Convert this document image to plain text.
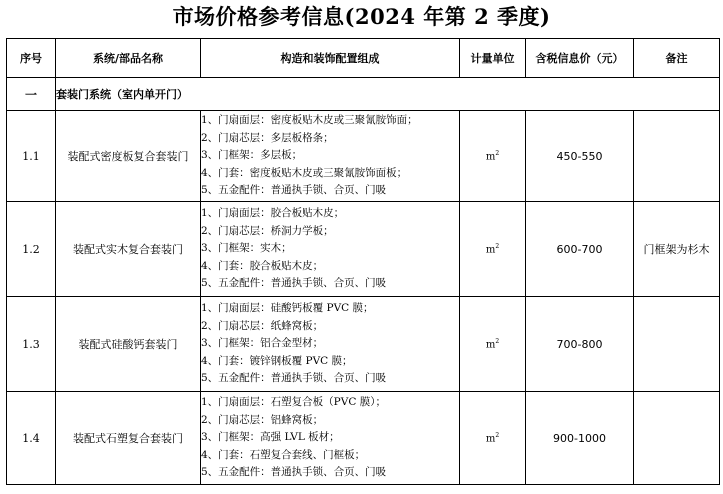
市场价格参考信息(2024 年第 2 季度)
序号	系统/部品名称	构造和装饰配置组成	计量单位	含税信息价（元）	备注
一	套装门系统（室内单开门）				
1.1	装配式密度板复合套装门	1、门扇面层：密度板贴木皮或三聚氰胺饰面；
2、门扇芯层：多层板格条；
3、门框架：多层板；
4、门套：密度板贴木皮或三聚氰胺饰面板；
5、五金配件：普通执手锁、合页、门吸	$m^2$	450-550	
1.2	装配式实木复合套装门	1、门扇面层：胶合板贴木皮；
2、门扇芯层：桥洞力学板；
3、门框架：实木；
4、门套：胶合板贴木皮；
5、五金配件：普通执手锁、合页、门吸	$m^2$	600-700	门框架为杉木
1.3	装配式硅酸钙套装门	1、门扇面层：硅酸钙板覆 PVC 膜；
2、门扇芯层：纸蜂窝板；
3、门框架：铝合金型材；
4、门套：镀锌钢板覆 PVC 膜；
5、五金配件：普通执手锁、合页、门吸	$m^2$	700-800	
1.4	装配式石塑复合套装门	1、门扇面层：石塑复合板（PVC 膜）；
2、门扇芯层：铝蜂窝板；
3、门框架：高强 LVL 板材；
4、门套：石塑复合套线、门框板；
5、五金配件：普通执手锁、合页、门吸	$m^2$	900-1000	
